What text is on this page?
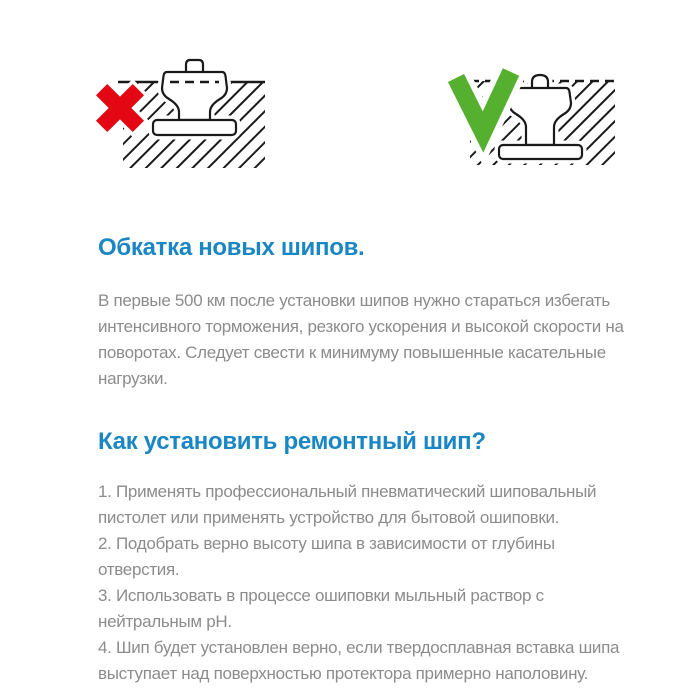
Обкатка новых шипов.

В первые 500 км после установки шипов нужно стараться избегать интенсивного торможения, резкого ускорения и высокой скорости на поворотах. Следует свести к минимуму повышенные касательные нагрузки.

Как установить ремонтный шип?

1. Применять профессиональный пневматический шиповальный пистолет или применять устройство для бытовой ошиповки.

2. Подобрать верно высоту шипа в зависимости от глубины отверстия.

3. Использовать в процессе ошиповки мыльный раствор с нейтральным pH.

4. Шип будет установлен верно, если твердосплавная вставка шипа выступает над поверхностью протектора примерно наполовину.
